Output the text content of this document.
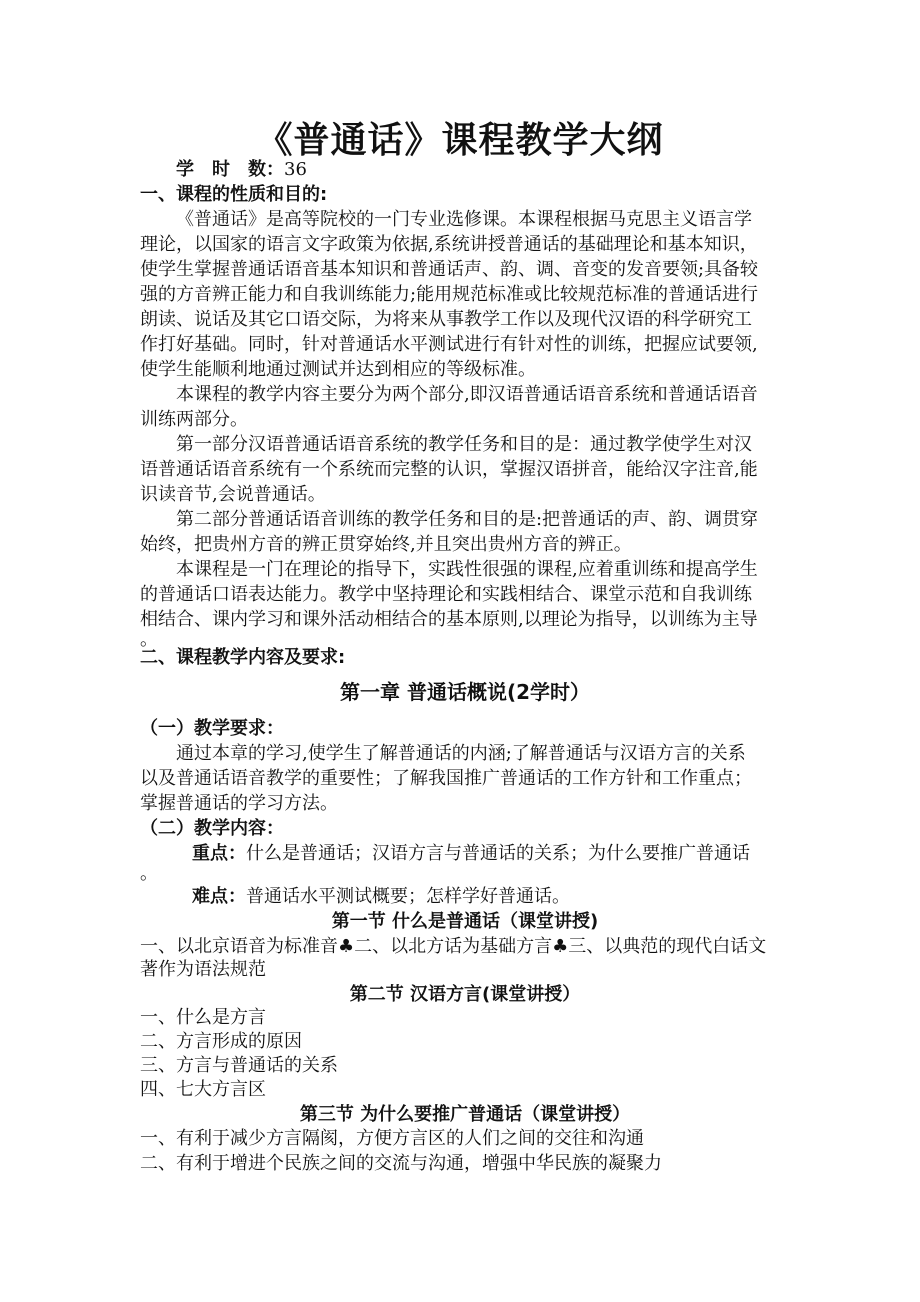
《普通话》课程教学大纲
学　时　数：36
一、课程的性质和目的:
《普通话》是高等院校的一门专业选修课。本课程根据马克思主义语言学
理论，以国家的语言文字政策为依据,系统讲授普通话的基础理论和基本知识，
使学生掌握普通话语音基本知识和普通话声、韵、调、音变的发音要领;具备较
强的方音辨正能力和自我训练能力;能用规范标准或比较规范标准的普通话进行
朗读、说话及其它口语交际，为将来从事教学工作以及现代汉语的科学研究工
作打好基础。同时，针对普通话水平测试进行有针对性的训练，把握应试要领,
使学生能顺利地通过测试并达到相应的等级标准。
本课程的教学内容主要分为两个部分,即汉语普通话语音系统和普通话语音
训练两部分。
第一部分汉语普通话语音系统的教学任务和目的是：通过教学使学生对汉
语普通话语音系统有一个系统而完整的认识，掌握汉语拼音，能给汉字注音,能
识读音节,会说普通话。
第二部分普通话语音训练的教学任务和目的是:把普通话的声、韵、调贯穿
始终，把贵州方音的辨正贯穿始终,并且突出贵州方音的辨正。
本课程是一门在理论的指导下，实践性很强的课程,应着重训练和提高学生
的普通话口语表达能力。教学中坚持理论和实践相结合、课堂示范和自我训练
相结合、课内学习和课外活动相结合的基本原则,以理论为指导，以训练为主导
。
二、课程教学内容及要求:
第一章 普通话概说(2学时）
（一）教学要求：
通过本章的学习,使学生了解普通话的内涵;了解普通话与汉语方言的关系
以及普通话语音教学的重要性；了解我国推广普通话的工作方针和工作重点；
掌握普通话的学习方法。
（二）教学内容：
重点：什么是普通话；汉语方言与普通话的关系；为什么要推广普通话
。
难点：普通话水平测试概要；怎样学好普通话。
第一节 什么是普通话（课堂讲授)
一、以北京语音为标准音♣二、以北方话为基础方言♣三、以典范的现代白话文
著作为语法规范
第二节 汉语方言(课堂讲授）
一、什么是方言
二、方言形成的原因
三、方言与普通话的关系
四、七大方言区
第三节 为什么要推广普通话（课堂讲授）
一、有利于减少方言隔阂，方便方言区的人们之间的交往和沟通
二、有利于增进个民族之间的交流与沟通，增强中华民族的凝聚力
